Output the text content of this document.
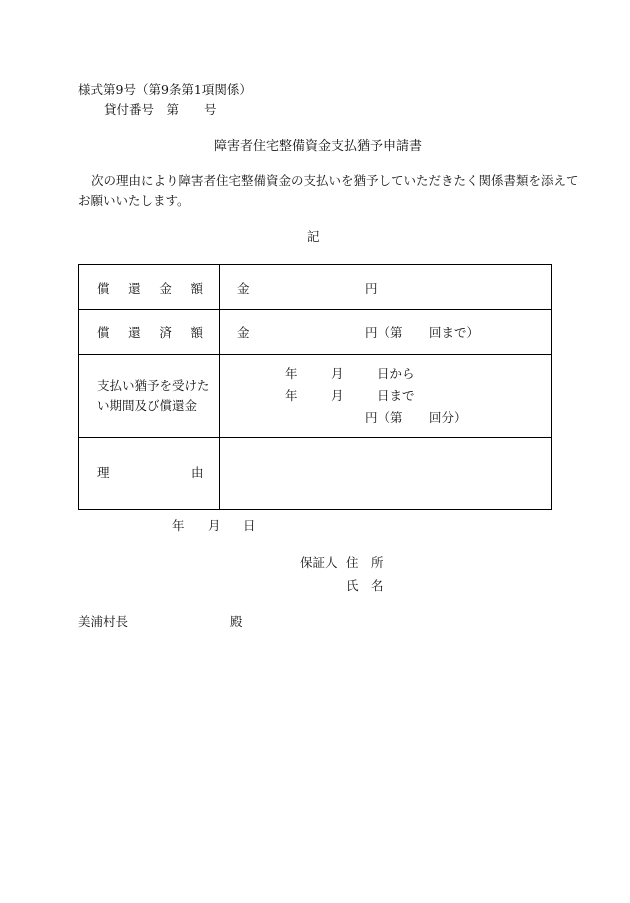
様式第9号（第9条第1項関係）
貸付番号　第　　号
障害者住宅整備資金支払猶予申請書
次の理由により障害者住宅整備資金の支払いを猶予していただきたく関係書類を添えて
お願いいたします。
記
償 還 金 額	金	円
償 還 済 額	金	円（第 回まで）
支払い猶予を受けた
い期間及び償還金
年	月	日から
年	月	日まで
円（第 回分）
理	由
年 月 日
保証人 住　所
氏　名
美浦村長	殿
